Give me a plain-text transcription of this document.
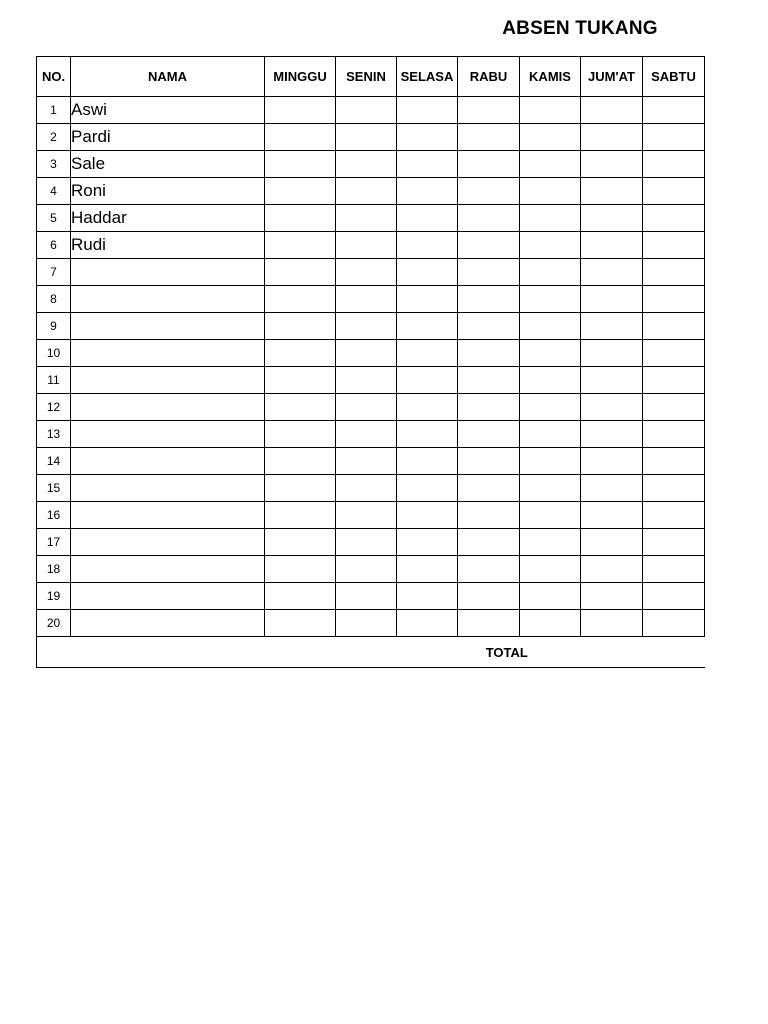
ABSEN TUKANG
NO.	NAMA	MINGGU	SENIN	SELASA	RABU	KAMIS	JUM'AT	SABTU
1	Aswi							
2	Pardi							
3	Sale							
4	Roni							
5	Haddar							
6	Rudi							
7								
8								
9								
10								
11								
12								
13								
14								
15								
16								
17								
18								
19								
20								
TOTAL								
